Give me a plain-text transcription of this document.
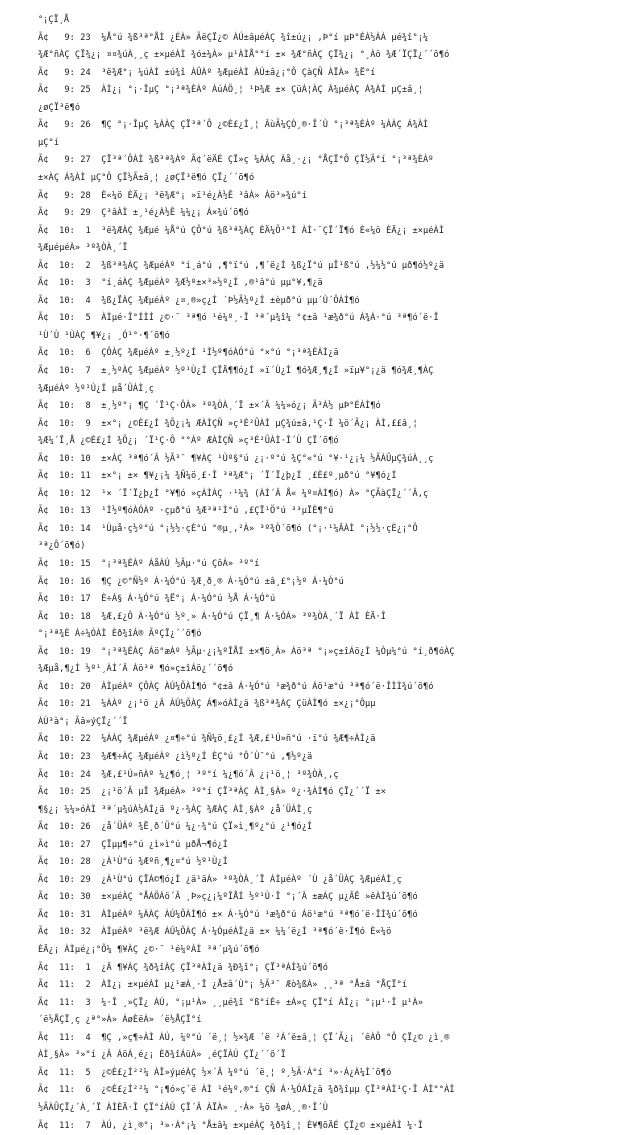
°¡ÇÏ¸Å
Ã¢   9: 23  ¼Å°ú ¾ß³ª°ÅÌ ¿ÉÀ» ÃëÇÏ¿© ÀÚ±âµéÀÇ ¾î±ú¿¡ ,Þ°í µÞ°ÉÀ½ÀÀ µé¾î°¡¼
¾Æ°ñÀÇ ÇÏ¾¿¡ ¤¤¾úÀ¸¸ç ±×µéÀÌ ¾ó±¼À» µ¹ÀÌÅ°°í ±× ¾Æ°ñÀÇ ÇÏ¾¿¡ °¸Àö ¾Æ´ÏÇÏ¿´´õ¶ó
Ã¢   9: 24  ³ë¾Æ°¡ ¼úÀÌ ±ú¾î ÀÛÀº ¾ÆµéÀÌ ÀÚ±â¿¡°Ô ÇàÇÑ ÀÏÀ» ¾Ë°í
Ã¢   9: 25  ÀÌ¿¡ °¡·ÎµÇ °¡³ª¾ÈÀº ÀúÁÖ¸¦ ¹Þ¾Æ ±× ÇüÁ¦ÀÇ Á¾µéÀÇ Á¾ÀÌ µÇ±â¸¦
¿øÇÏ³ë¶ó
Ã¢   9: 26  ¶Ç °¡·ÎµÇ ¼ÀÀÇ ÇÏ³ª´Ô ¿©È£¿Í¸¦ ÂùÃ¼ÇÒ¸®·Î´Ù °¡³ª¾ÈÀº ¼ÀÀÇ Á¾ÀÌ
µÇ°í
Ã¢   9: 27  ÇÏ³ª´ÔÀÌ ¾ß³ª¾Àº Ã¢´ëÄÉ ÇÏ»ç ¼ÀÀÇ Àå¸·¿¡ °ÅÇÏ°Ô ÇÏ½Ã°í °¡³ª¾ÈÀº
±×ÀÇ Á¾ÀÌ µÇ°Ô ÇÏ½Ã±â¸¦ ¿øÇÏ³ë¶ó ÇÏ¿´´õ¶ó
Ã¢   9: 28  È«¼ö ÈÄ¿¡ ³ë¾Æ°¡ »ï¹é¿À½Ê ³âÀ» Áö³»¾ú°í
Ã¢   9: 29  Ç³âÀÌ ±¸¹é¿À½Ê ¼¼¿¡ Á×¾ú´õ¶ó
Ã¢  10:  1  ³ë¾ÆÀÇ ¾Æµé ¼Å°ú ÇÔ°ú ¾ß³ª¾ÀÇ ÈÄ¼Õ¹°Ì ÀÌ·¨ÇÏ´Ï¶ó È«¼ö ÈÄ¿¡ ±×µéÀÌ
¾ÆµéµéÀ» ³º¾ÒÀ¸´Ï
Ã¢  10:  2  ¾ß³ª¾ÀÇ ¾ÆµéÀº °í¸á°ú ,¶°ï°ú ,¶´ë¿Í ¾ß¿Ï°ú µÎ¹ß°ú ,½¼½°ú µð¶ó½º¿ä
Ã¢  10:  3  °í¸áÀÇ ¾ÆµéÀº ¾Æ½º±×³»½º¿Í ,®¹â°ú µµ°¥,¶¿ä
Ã¢  10:  4  ¾ß¿ÏÀÇ ¾ÆµéÀº ¿¤¸®»ç¿Í ´Þ½Ã½º¿Í ±èµð°ú µµ´Ù´ÔÀÌ¶ó
Ã¢  10:  5  ÀÌµé·Î°ÍÌÍ ¿©·¯ ³ª¶ó ¹é¼º¸·Î ³ª´µ¾î¼ °¢±â ¹æ¾ð°ú Á¾Á·°ú ³ª¶ó´ë·Î
¹Ù´Ù ¹ÙÀÇ ¶¥¿¡ ¸Ó¹°·¶´õ¶ó
Ã¢  10:  6  ÇÔÀÇ ¾ÆµéÀº ±¸½º¿Í ¹Ì½º¶óÀÓ°ú °×°ú °¡³ª¾ÈÀÌ¿ä
Ã¢  10:  7  ±¸½ºÀÇ ¾ÆµéÀº ½º¹Ù¿Í ÇÏÄ¶¶ó¿Í »ï´Ù¿Í ¶ó¾Æ¸¶¿Í »ïµ¥°¡¿ä ¶ó¾Æ¸¶ÀÇ
¾ÆµéÀº ½º¹Ù¿Í µå´ÜÀÌ¸ç
Ã¢  10:  8  ±¸½º°¡ ¶Ç ´Ï¹Ç·ÔÀ» ³º¾ÒÀ¸´Ï ±×´Â ¼¼»ó¿¡ Ã³À½ µÞ°ÉÀÌ¶ó
Ã¢  10:  9  ±×°¡ ¿©È£¿Í ¾Õ¿¡¼ ÆÀÌÇÑ »ç³É²ÛÀÌ µÇ¾ú±â,¹Ç·Î ¼ö´Ã¿¡ ÀÌ,££â¸¦
¾Æ¼´Ï¸Å ¿©È£¿Í ¾Õ¿¡ ´Ï¹Ç·Ô °°Àº ÆÀÌÇÑ »ç³É²ÛÀÌ·Î´Ù ÇÏ´õ¶ó
Ã¢  10: 10  ±×ÀÇ ³ª¶ó´Â ½Ã³¯ ¶¥ÀÇ ¹Ùº§°ú ¿¡·º°ú ¾Ç°«°ú °¥·¹¿¡¼ ½ÃÀÛµÇ¾úÀ¸¸ç
Ã¢  10: 11  ±×°¡ ±× ¶¥¿¡¼ ¾Ñ¼ö¸£·Î ³ª¾Æ°¡ ´Ï´Ï¿þ¿Í ¸£È£º¸µð°ú °¥¶ó¿Í
Ã¢  10: 12  ¹× ´Ï´Ï¿þ¿Í °¥¶ó »çÀÌÀÇ ·¹¼¾ (ÀÌ´Â Å« ¼º¤ÀÌ¶ó) À» °ÇÃàÇÏ¿´´Â,ç
Ã¢  10: 13  ¹Ì½º¶óÀÓÀº ·çµð°ú ¾Æ³ª¹Ì°ú ,£ÇÏ¹Ö°ú ³³µÏÈ¶°ú
Ã¢  10: 14  ¹Ùµå·ç½º°ú °¡½½·çÈ°ú °®µ¸,²À» ³º¾Ò´õ¶ó (°¡·¹¼ÂÀÌ °¡½½·çÈ¿¡°Ô
³ª¿Ô´õ¶ó)
Ã¢  10: 15  °¡³ª¾ÈÀº ÀåÀÚ ½Ãµ·°ú ÇôÀ» ³º°í
Ã¢  10: 16  ¶Ç ¿©°Ñ½º Á·¼Ó°ú ¾Æ¸ð¸® Á·¼Ó°ú ±â¸£°¡½º Á·¼Ó°ú
Ã¢  10: 17  È÷À§ Á·¼Ó°ú ¾Ë°¡ Á·¼Ó°ú ½Å Á·¼Ó°ú
Ã¢  10: 18  ¾Æ,£¿Ô Á·¼Ó°ú ½º¸» Á·¼Ó°ú ÇÏ¸¶ Á·¼ÓÀ» ³º¾ÒÀ¸´Ï ÀÌ ÈÄ·Î
°¡³ª¾È Á÷¼ÓÀÌ Èð¾îÁ® ÃºÇÏ¿´´õ¶ó
Ã¢  10: 19  °¡³ª¾ÈÀÇ Áö°æÀº ½Ãµ·¿¡¼ºÎÅÍ ±×¶ö¸À» Áö³ª °¡»ç±îÁö¿Í ¼Òµ¼°ú °í¸ð¶óÀÇ
¾Æµå,¶¿Í ½º¹¸ÀÌ´Â Áö³ª ¶ó»ç±îÁö¿´´õ¶ó
Ã¢  10: 20  ÀÌµéÀº ÇÔÀÇ ÀÚ¼ÕÀÌ¶ó °¢±â Á·¼Ó°ú ¹æ¾ð°ú Áö¹æ°ú ³ª¶ó´ë·ÎÌÌ¾ú´õ¶ó
Ã¢  10: 21  ¼ÀÀº ¿¡¹ö ¿Â ÀÚ¼ÕÀÇ Á¶»óÀÌ¿ä ¾ß³ª¾ÀÇ ÇüÀÌ¶ó ±×¿¡°Ôµµ
ÀÚ³à°¡ Ãâ»ýÇÏ¿´´Ï
Ã¢  10: 22  ¼ÀÀÇ ¾ÆµéÀº ¿¤¶÷°ú ¾Ñ¼ö¸£¿Í ¾Æ,£¹Ú»ñ°ú ·ï°ú ¾Æ¶÷ÀÌ¿ä
Ã¢  10: 23  ¾Æ¶÷ÀÇ ¾ÆµéÀº ¿ì½º¿Í ÈÇ°ú °Ô´Ù¯°ú ,¶½º¿ä
Ã¢  10: 24  ¾Æ,£¹Ú»ñÀº ¼¿¶ó¸¦ ³º°í ¼¿¶ó´Â ¿¡¹ö¸¦ ³º¾ÒÀ¸,ç
Ã¢  10: 25  ¿¡¹ö´Â µÎ ¾ÆµéÀ» ³º°í ÇÏ³ªÀÇ ÀÌ¸§À» º¿·¾ÀÌ¶ó ÇÏ¿´´Ï ±×
¶§¿¡ ¼¼»óÀÌ ³ª´µ¾úÀ½ÀÌ¿ä º¿·¾ÀÇ ¾ÆÀÇ ÀÌ¸§Àº ¿å´ÜÀÌ¸ç
Ã¢  10: 26  ¿å´ÜÀº ¾Ë¸ð´Ü°ú ¼¿·¾°ú ÇÏ»ì¸¶º¿°ú ¿¹¶ó¿Í
Ã¢  10: 27  ÇÏµµ¶÷°ú ¿ì»ì°ú µðÅ¬¶ó¿Í
Ã¢  10: 28  ¿À¹Ù°ú ¾Æºñ¸¶¿¤°ú ½º¹Ù¿Í
Ã¢  10: 29  ¿À¹Ù°ú ÇÏÀ©¶ó¿Í ¿ä¹äÀ» ³º¾ÒÀ¸´Ï ÀÌµéÀº ´Ù ¿å´ÜÀÇ ¾ÆµéÀÌ¸ç
Ã¢  10: 30  ±×µéÀÇ °ÅÁÖÁö´Â ¸Þ»ç¿¡¼ºÎÅÍ ½º¹Ù·Î °¡´Â ±æÀÇ µ¿ÂÊ »êÀÌ¾ú´õ¶ó
Ã¢  10: 31  ÀÌµéÀº ¼ÀÀÇ ÀÚ¼ÕÀÌ¶ó ±× Á·¼Ó°ú ¹æ¾ð°ú Áö¹æ°ú ³ª¶ó´ë·ÎÌ¾ú´õ¶ó
Ã¢  10: 32  ÀÌµéÀº ³ë¾Æ ÀÚ¼ÕÀÇ Á·¼ÓµéÀÌ¿ä ±× ¼¼´ë¿Í ³ª¶ó´ë·Î¶ó È«¼ö
ÈÄ¿¡ ÀÌµé¿¡°Ô¼ ¶¥ÀÇ ¿©·¯ ¹é¼ºÀÌ ³ª´µ¾ú´õ¶ó
Ã¢  11:  1  ¿Â ¶¥ÀÇ ¾ð¾îÀÇ ÇÏ³ªÀÌ¿ä ¾Ð¾î°¡ ÇÏ³ªÀÌ¾ú´õ¶ó
Ã¢  11:  2  ÀÌ¿¡ ±×µéÀÌ µ¿¹æÀ¸·Î ¿Å±â´Ù°¡ ½Ã³¯ Æò¾ßÀ» ¸¸³ª °Å±â °ÅÇÏ°í
Ã¢  11:  3  ¼·Î ¸»ÇÏ¿ ÀÚ, °¡µ¹À» ¸¸µé¾î °ß°íÈ÷ ±Á»ç ÇÏ°í ÀÌ¿¡ °¡µ¹·Î µ¹À»
´ë½ÅÇÏ¸ç ¿ª°»À» ÁøÈëÀ» ´ë½ÅÇÏ°í
Ã¢  11:  4  ¶Ç ,»ç¶÷ÀÌ ÀÚ, ¼º°ú ´ë¸¦ ½×¾Æ ´ë ²À´ë±â¸¦ ÇÏ´Ã¿¡ ´êÀÔ °Ô ÇÏ¿© ¿ì¸®
ÀÌ¸§À» ³»°í ¿Â ÁöÁ¸é¿¡ Èð¾îÁüÀ» ¸éÇÏÀÚ ÇÏ¿´´õ´Ï
Ã¢  11:  5  ¿©È£¿Í²²¼ ÀÎ»ýµéÀÇ ½×´Â ¼º°ú ´ë¸¦ º¸½Ã·Á°í ³»·Á¿À¼Ì´õ¶ó
Ã¢  11:  6  ¿©È£¿Í²²¼ °¡¶ó»ç´ë ÀÌ ¹é¼º,®°í ÇÑ Á·¼ÓÀÌ¿ä ¾ð¾îµµ ÇÏ³ªÀÌ¹Ç·Î ÀÌ°°ÀÌ
½ÃÀÛÇÏ¿´À¸´Ï ÀÌÈÄ·Î ÇÏ°íÀÚ ÇÏ´Â ÀÏÀ» ¸·À» ¼ö ¾øÀ¸¸®·Î´Ù
Ã¢  11:  7  ÀÚ, ¿ì¸®°¡ ³»·Á°¡¼ °Å±â¼ ±×µéÀÇ ¾ð¾î¸¦ È¥¶õÄÉ ÇÏ¿© ±×µéÀÌ ¼·Î
